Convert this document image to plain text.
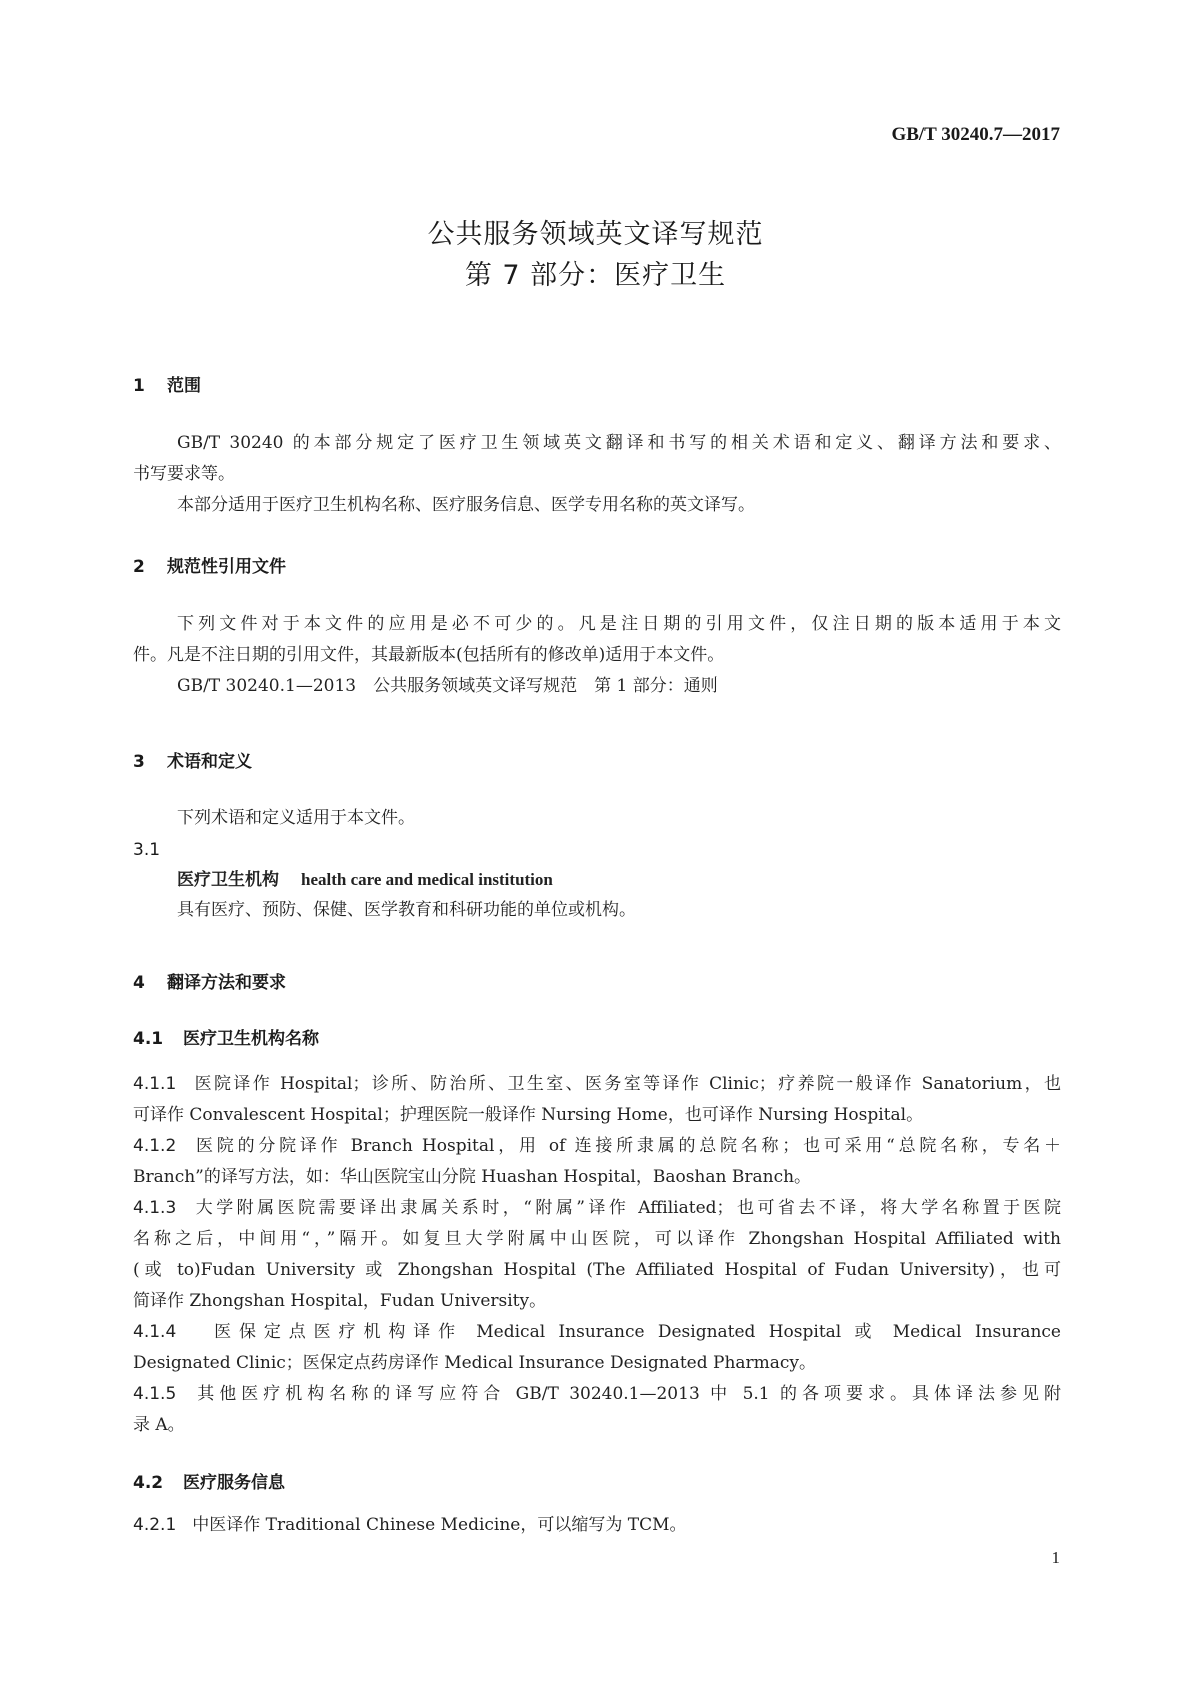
GB/T 30240.7—2017
公共服务领域英文译写规范
第 7 部分：医疗卫生
1 范围

GB/T 30240 的本部分规定了医疗卫生领域英文翻译和书写的相关术语和定义、翻译方法和要求、

书写要求等。

本部分适用于医疗卫生机构名称、医疗服务信息、医学专用名称的英文译写。

2 规范性引用文件

下列文件对于本文件的应用是必不可少的。凡是注日期的引用文件，仅注日期的版本适用于本文

件。凡是不注日期的引用文件，其最新版本(包括所有的修改单)适用于本文件。

GB/T 30240.1—2013　公共服务领域英文译写规范　第 1 部分：通则

3 术语和定义

下列术语和定义适用于本文件。

3.1
医疗卫生机构 health care and medical institution

具有医疗、预防、保健、医学教育和科研功能的单位或机构。

4 翻译方法和要求
4.1 医疗卫生机构名称

4.1.1 医院译作 Hospital；诊所、防治所、卫生室、医务室等译作 Clinic；疗养院一般译作 Sanatorium，也

可译作 Convalescent Hospital；护理医院一般译作 Nursing Home，也可译作 Nursing Hospital。

4.1.2 医院的分院译作 Branch Hospital，用 of 连接所隶属的总院名称；也可采用“总院名称，专名＋

Branch”的译写方法，如：华山医院宝山分院 Huashan Hospital，Baoshan Branch。

4.1.3 大学附属医院需要译出隶属关系时，“附属”译作 Affiliated；也可省去不译，将大学名称置于医院

名称之后，中间用“，”隔开。如复旦大学附属中山医院，可以译作 Zhongshan Hospital Affiliated with

(或 to)Fudan University 或 Zhongshan Hospital (The Affiliated Hospital of Fudan University)，也可

简译作 Zhongshan Hospital，Fudan University。

4.1.4 医保定点医疗机构译作 Medical Insurance Designated Hospital 或 Medical Insurance

Designated Clinic；医保定点药房译作 Medical Insurance Designated Pharmacy。

4.1.5 其他医疗机构名称的译写应符合 GB/T 30240.1—2013 中 5.1 的各项要求。具体译法参见附

录 A。

4.2 医疗服务信息

4.2.1 中医译作 Traditional Chinese Medicine，可以缩写为 TCM。

1
